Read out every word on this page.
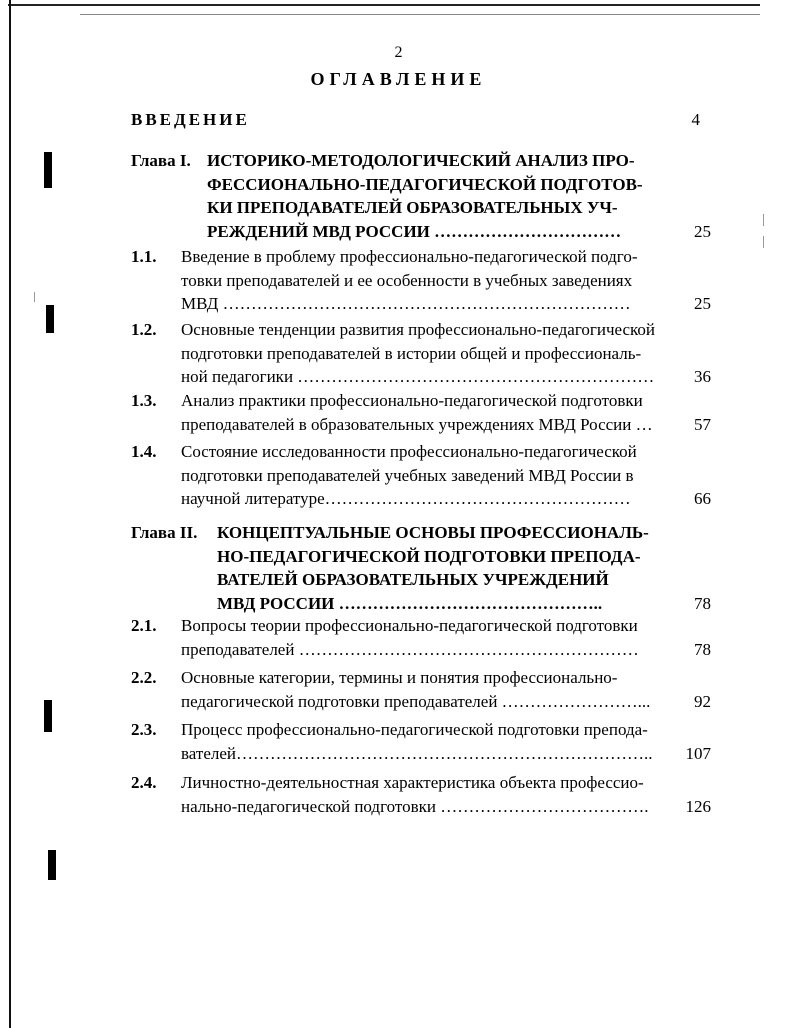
2
ОГЛАВЛЕНИЕ
ВВЕДЕНИЕ	4
Глава I. ИСТОРИКО-МЕТОДОЛОГИЧЕСКИЙ АНАЛИЗ ПРО-
ФЕССИОНАЛЬНО-ПЕДАГОГИЧЕСКОЙ ПОДГОТОВ-
КИ ПРЕПОДАВАТЕЛЕЙ ОБРАЗОВАТЕЛЬНЫХ УЧ-
РЕЖДЕНИЙ МВД РОССИИ ……………………………	25
1.1. Введение в проблему профессионально-педагогической подго-
товки преподавателей и ее особенности в учебных заведениях
МВД ………………………………………………………………	25
1.2. Основные тенденции развития профессионально-педагогической
подготовки преподавателей в истории общей и профессиональ-
ной педагогики ………………………………………………………	36
1.3. Анализ практики профессионально-педагогической подготовки
преподавателей в образовательных учреждениях МВД России …	57
1.4. Состояние исследованности профессионально-педагогической
подготовки преподавателей учебных заведений МВД России в
научной литературе………………………………………………	66
Глава II. КОНЦЕПТУАЛЬНЫЕ ОСНОВЫ ПРОФЕССИОНАЛЬ-
НО-ПЕДАГОГИЧЕСКОЙ ПОДГОТОВКИ ПРЕПОДА-
ВАТЕЛЕЙ ОБРАЗОВАТЕЛЬНЫХ УЧРЕЖДЕНИЙ
МВД РОССИИ ………………………………………..	78
2.1. Вопросы теории профессионально-педагогической подготовки
преподавателей ……………………………………………………	78
2.2. Основные категории, термины и понятия профессионально-
педагогической подготовки преподавателей ……………………...	92
2.3. Процесс профессионально-педагогической подготовки препода-
вателей………………………………………………………………..	107
2.4. Личностно-деятельностная характеристика объекта профессио-
нально-педагогической подготовки ……………………………….	126
